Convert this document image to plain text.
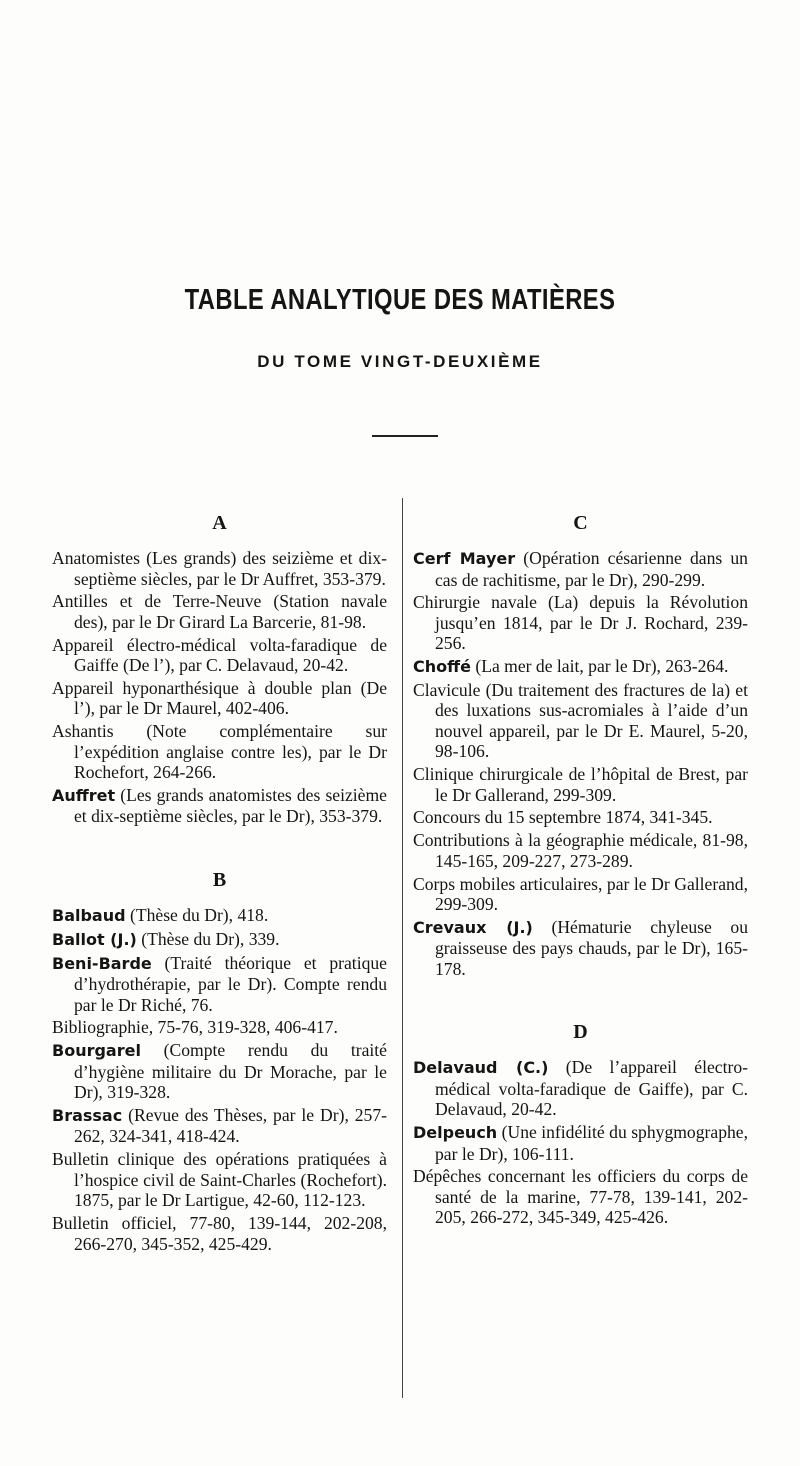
TABLE ANALYTIQUE DES MATIÈRES
DU TOME VINGT-DEUXIÈME
A
Anatomistes (Les grands) des seizième et dix-septième siècles, par le Dr Auffret, 353-379.
Antilles et de Terre-Neuve (Station navale des), par le Dr Girard La Barcerie, 81-98.
Appareil électro-médical volta-faradique de Gaiffe (De l’), par C. Delavaud, 20-42.
Appareil hyponarthésique à double plan (De l’), par le Dr Maurel, 402-406.
Ashantis (Note complémentaire sur l’expédition anglaise contre les), par le Dr Rochefort, 264-266.
Auffret (Les grands anatomistes des seizième et dix-septième siècles, par le Dr), 353-379.
B
Balbaud (Thèse du Dr), 418.
Ballot (J.) (Thèse du Dr), 339.
Beni-Barde (Traité théorique et pratique d’hydrothérapie, par le Dr). Compte rendu par le Dr Riché, 76.
Bibliographie, 75-76, 319-328, 406-417.
Bourgarel (Compte rendu du traité d’hygiène militaire du Dr Morache, par le Dr), 319-328.
Brassac (Revue des Thèses, par le Dr), 257-262, 324-341, 418-424.
Bulletin clinique des opérations pratiquées à l’hospice civil de Saint-Charles (Rochefort). 1875, par le Dr Lartigue, 42-60, 112-123.
Bulletin officiel, 77-80, 139-144, 202-208, 266-270, 345-352, 425-429.
C
Cerf Mayer (Opération césarienne dans un cas de rachitisme, par le Dr), 290-299.
Chirurgie navale (La) depuis la Révolution jusqu’en 1814, par le Dr J. Rochard, 239-256.
Choffé (La mer de lait, par le Dr), 263-264.
Clavicule (Du traitement des fractures de la) et des luxations sus-acromiales à l’aide d’un nouvel appareil, par le Dr E. Maurel, 5-20, 98-106.
Clinique chirurgicale de l’hôpital de Brest, par le Dr Gallerand, 299-309.
Concours du 15 septembre 1874, 341-345.
Contributions à la géographie médicale, 81-98, 145-165, 209-227, 273-289.
Corps mobiles articulaires, par le Dr Gallerand, 299-309.
Crevaux (J.) (Hématurie chyleuse ou graisseuse des pays chauds, par le Dr), 165-178.
D
Delavaud (C.) (De l’appareil électro-médical volta-faradique de Gaiffe), par C. Delavaud, 20-42.
Delpeuch (Une infidélité du sphygmographe, par le Dr), 106-111.
Dépêches concernant les officiers du corps de santé de la marine, 77-78, 139-141, 202-205, 266-272, 345-349, 425-426.
